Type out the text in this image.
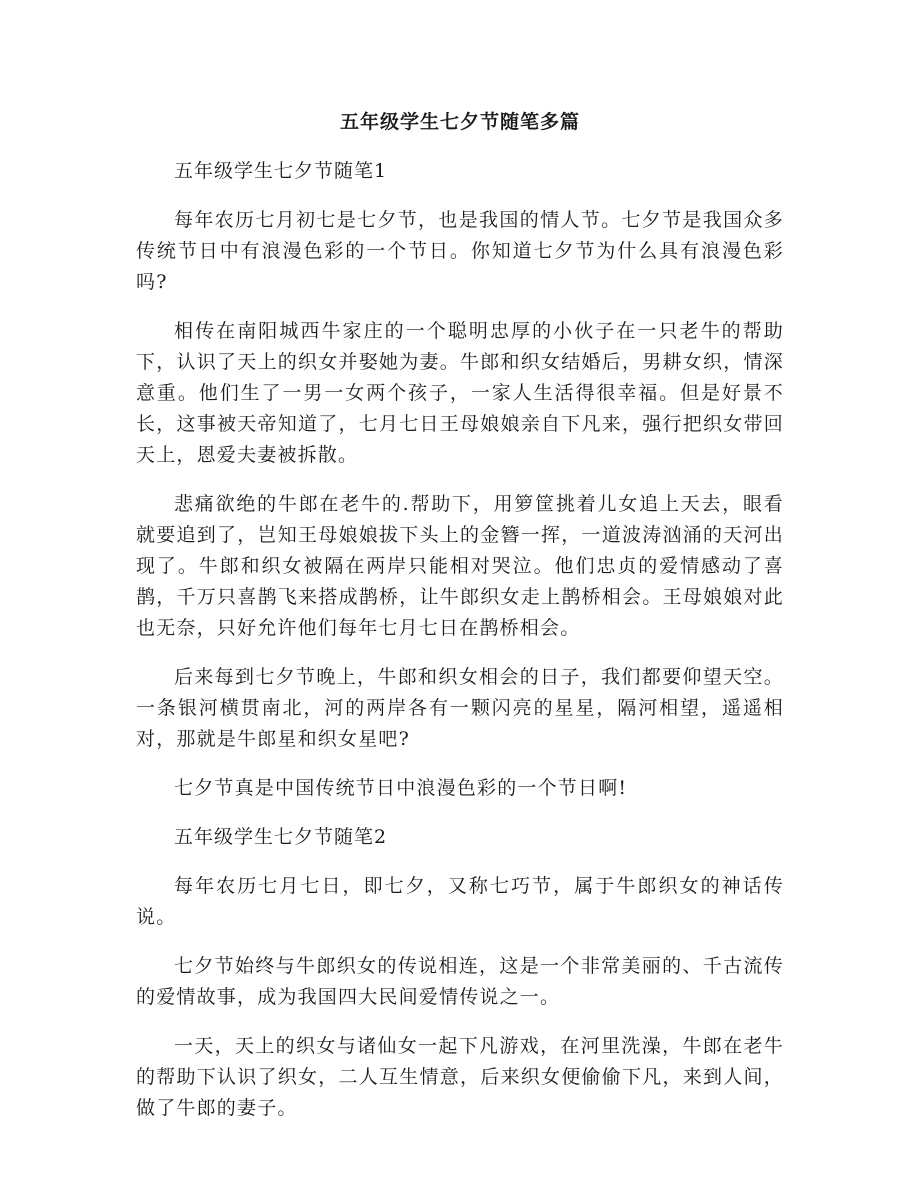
五年级学生七夕节随笔多篇

五年级学生七夕节随笔1

每年农历七月初七是七夕节，也是我国的情人节。七夕节是我国众多传统节日中有浪漫色彩的一个节日。你知道七夕节为什么具有浪漫色彩吗?

相传在南阳城西牛家庄的一个聪明忠厚的小伙子在一只老牛的帮助下，认识了天上的织女并娶她为妻。牛郎和织女结婚后，男耕女织，情深意重。他们生了一男一女两个孩子，一家人生活得很幸福。但是好景不长，这事被天帝知道了，七月七日王母娘娘亲自下凡来，强行把织女带回天上，恩爱夫妻被拆散。

悲痛欲绝的牛郎在老牛的.帮助下，用箩筐挑着儿女追上天去，眼看就要追到了，岂知王母娘娘拔下头上的金簪一挥，一道波涛汹涌的天河出现了。牛郎和织女被隔在两岸只能相对哭泣。他们忠贞的爱情感动了喜鹊，千万只喜鹊飞来搭成鹊桥，让牛郎织女走上鹊桥相会。王母娘娘对此也无奈，只好允许他们每年七月七日在鹊桥相会。

后来每到七夕节晚上，牛郎和织女相会的日子，我们都要仰望天空。一条银河横贯南北，河的两岸各有一颗闪亮的星星，隔河相望，遥遥相对，那就是牛郎星和织女星吧?

七夕节真是中国传统节日中浪漫色彩的一个节日啊!

五年级学生七夕节随笔2

每年农历七月七日，即七夕，又称七巧节，属于牛郎织女的神话传说。

七夕节始终与牛郎织女的传说相连，这是一个非常美丽的、千古流传的爱情故事，成为我国四大民间爱情传说之一。

一天，天上的织女与诸仙女一起下凡游戏，在河里洗澡，牛郎在老牛的帮助下认识了织女，二人互生情意，后来织女便偷偷下凡，来到人间，做了牛郎的妻子。
